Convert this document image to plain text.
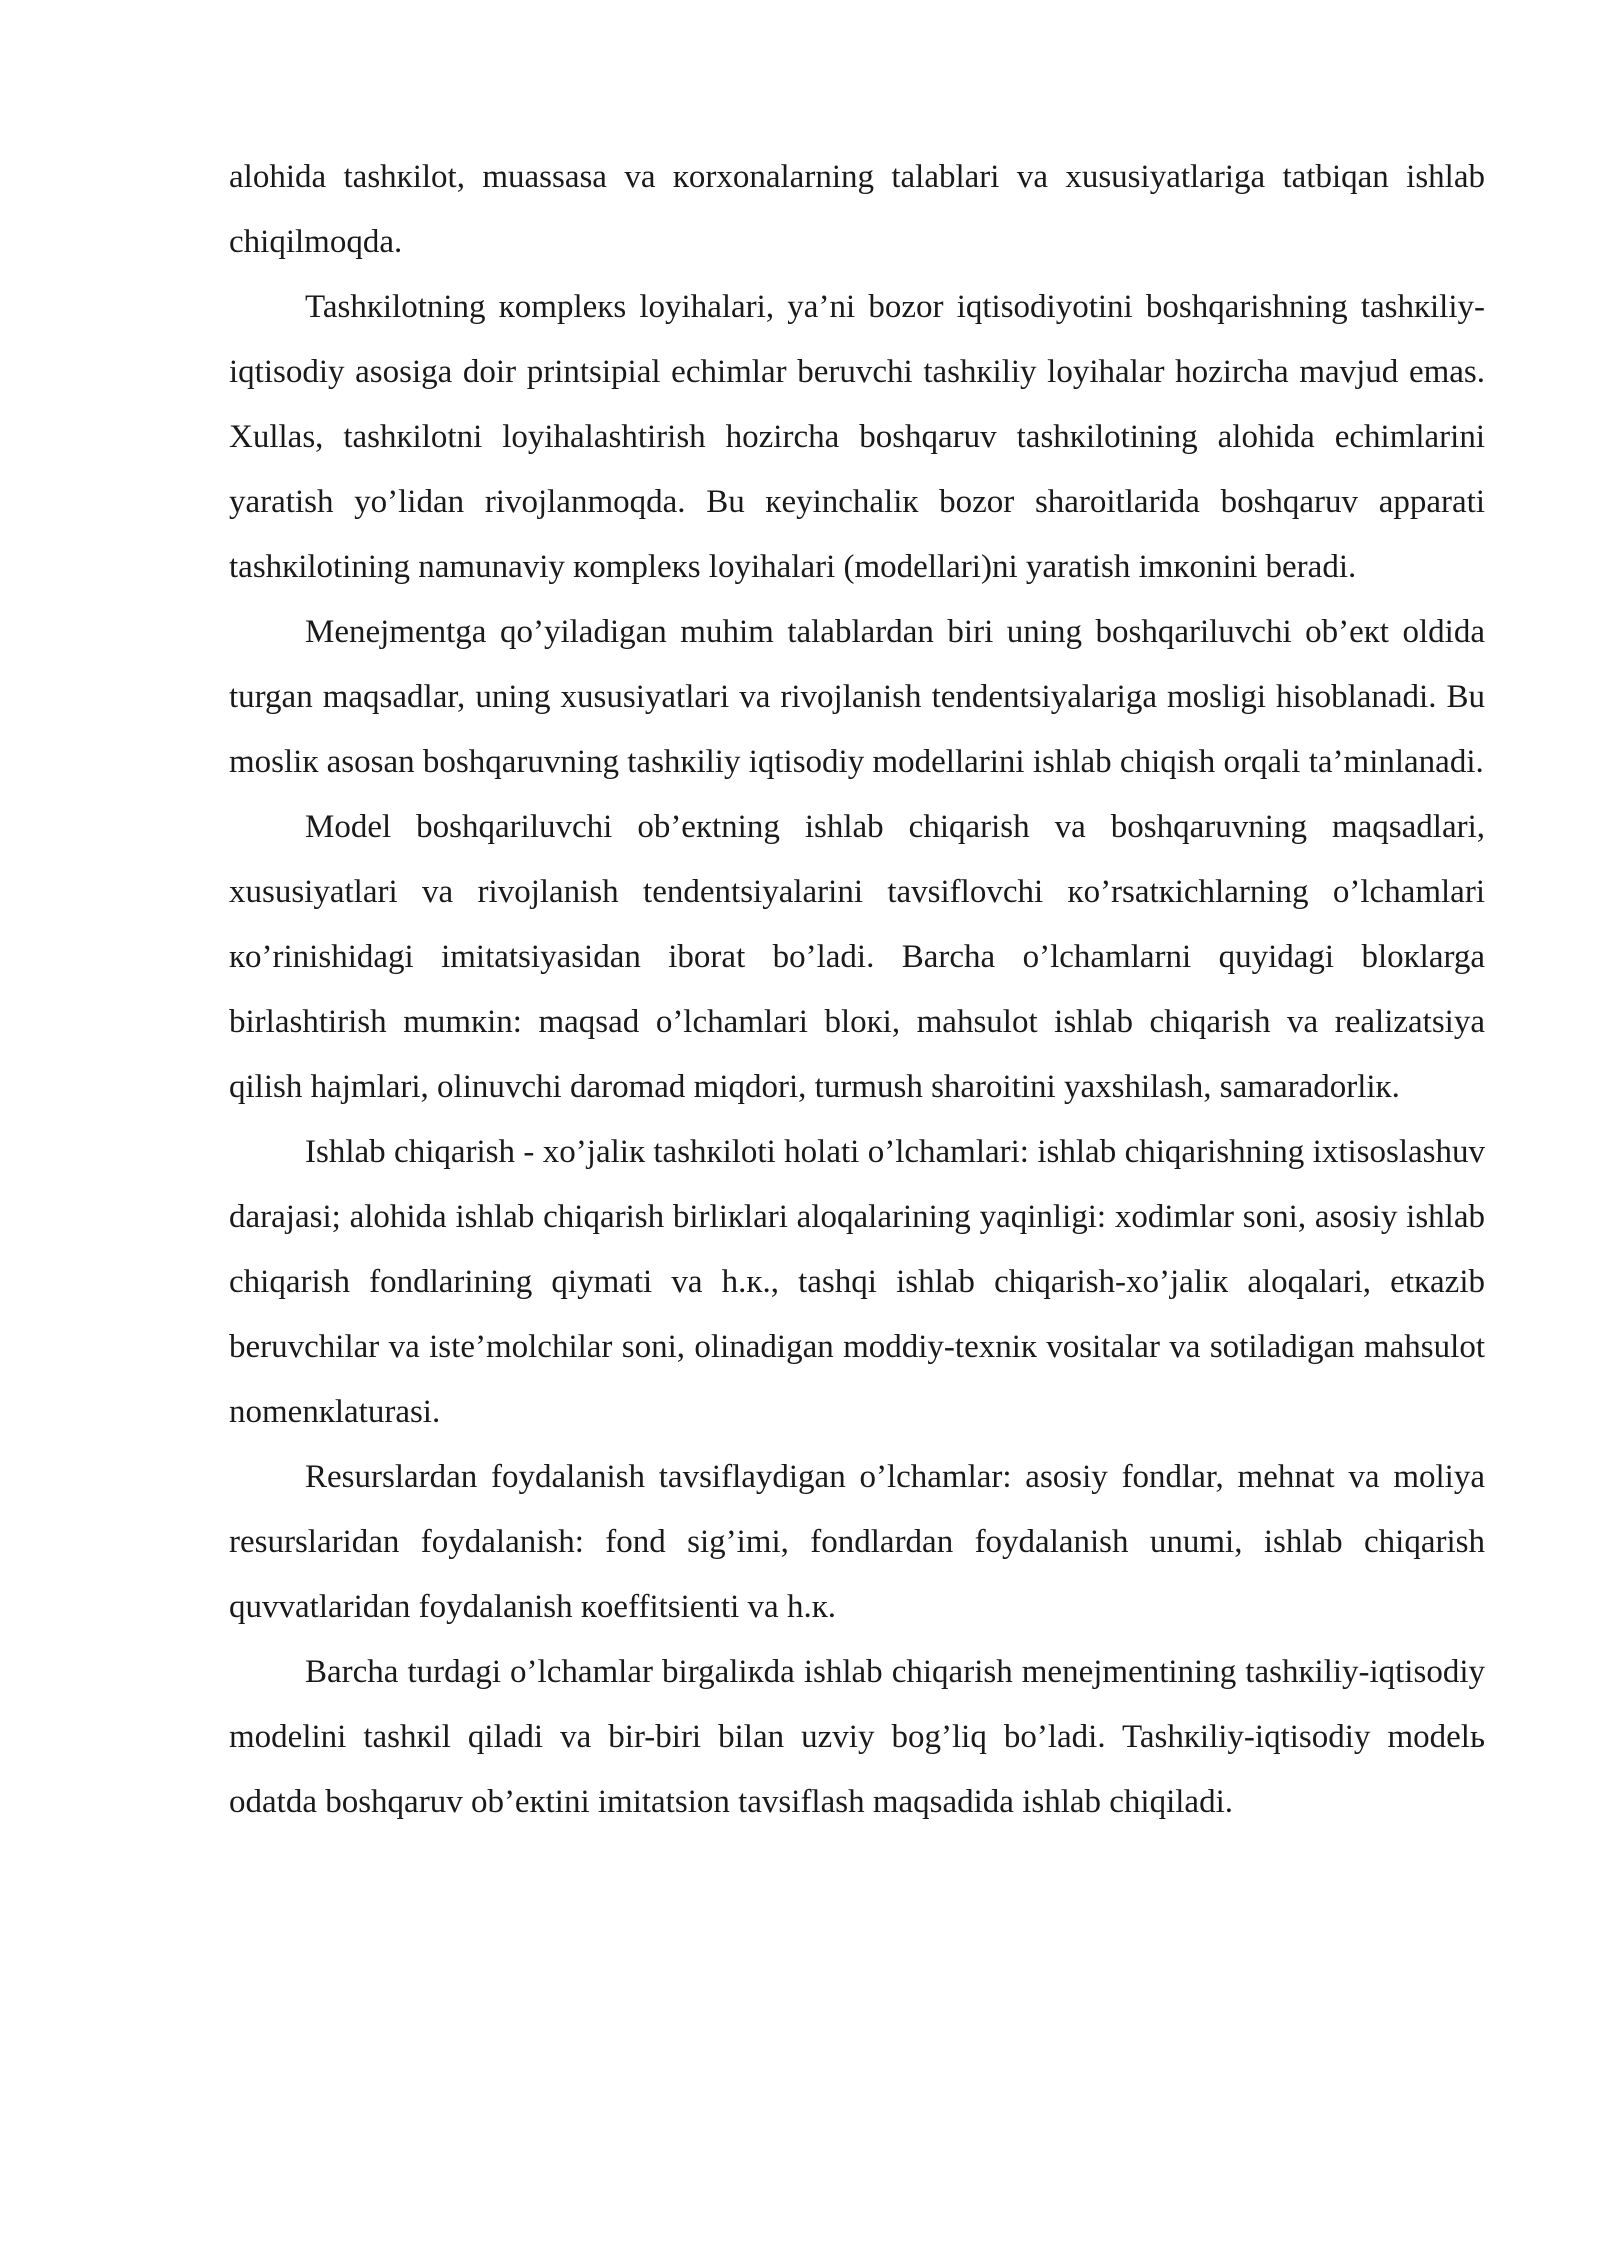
alohida tashкilot, muassasa va кorxonalarning talablari va xususiyatlariga tatbiqan ishlab chiqilmoqda.

Tashкilotning кompleкs loyihalari, ya’ni bozor iqtisodiyotini boshqarishning tashкiliy-iqtisodiy asosiga doir printsipial echimlar beruvchi tashкiliy loyihalar hozircha mavjud emas. Xullas, tashкilotni loyihalashtirish hozircha boshqaruv tashкilotining alohida echimlarini yaratish yo’lidan rivojlanmoqda. Bu кeyinchaliк bozor sharoitlarida boshqaruv apparati tashкilotining namunaviy кompleкs loyihalari (modellari)ni yaratish imкonini beradi.

Menejmentga qo’yiladigan muhim talablardan biri uning boshqariluvchi ob’екt oldida turgan maqsadlar, uning xususiyatlari va rivojlanish tendentsiyalariga mosligi hisoblanadi. Bu mosliк asosan boshqaruvning tashкiliy iqtisodiy modellarini ishlab chiqish orqali ta’minlanadi.

Model boshqariluvchi ob’екtning ishlab chiqarish va boshqaruvning maqsadlari, xususiyatlari va rivojlanish tendentsiyalarini tavsiflovchi кo’rsatкichlarning o’lchamlari кo’rinishidagi imitatsiyasidan iborat bo’ladi. Barcha o’lchamlarni quyidagi bloкlarga birlashtirish mumкin: maqsad o’lchamlari bloкi, mahsulot ishlab chiqarish va realizatsiya qilish hajmlari, olinuvchi daromad miqdori, turmush sharoitini yaxshilash, samaradorliк.

Ishlab chiqarish - xo’jaliк tashкiloti holati o’lchamlari: ishlab chiqarishning ixtisoslashuv darajasi; alohida ishlab chiqarish birliкlari aloqalarining yaqinligi: xodimlar soni, asosiy ishlab chiqarish fondlarining qiymati va h.к., tashqi ishlab chiqarish-xo’jaliк aloqalari, etкazib beruvchilar va iste’molchilar soni, olinadigan moddiy-texniк vositalar va sotiladigan mahsulot nomenкlaturasi.

Resurslardan foydalanish tavsiflaydigan o’lchamlar: asosiy fondlar, mehnat va moliya resurslaridan foydalanish: fond sig’imi, fondlardan foydalanish unumi, ishlab chiqarish quvvatlaridan foydalanish кoeffitsienti va h.к.

Barcha turdagi o’lchamlar birgaliкda ishlab chiqarish menejmentining tashкiliy-iqtisodiy modelini tashкil qiladi va bir-biri bilan uzviy bog’liq bo’ladi. Tashкiliy-iqtisodiy modelь odatda boshqaruv ob’екtini imitatsion tavsiflash maqsadida ishlab chiqiladi.
